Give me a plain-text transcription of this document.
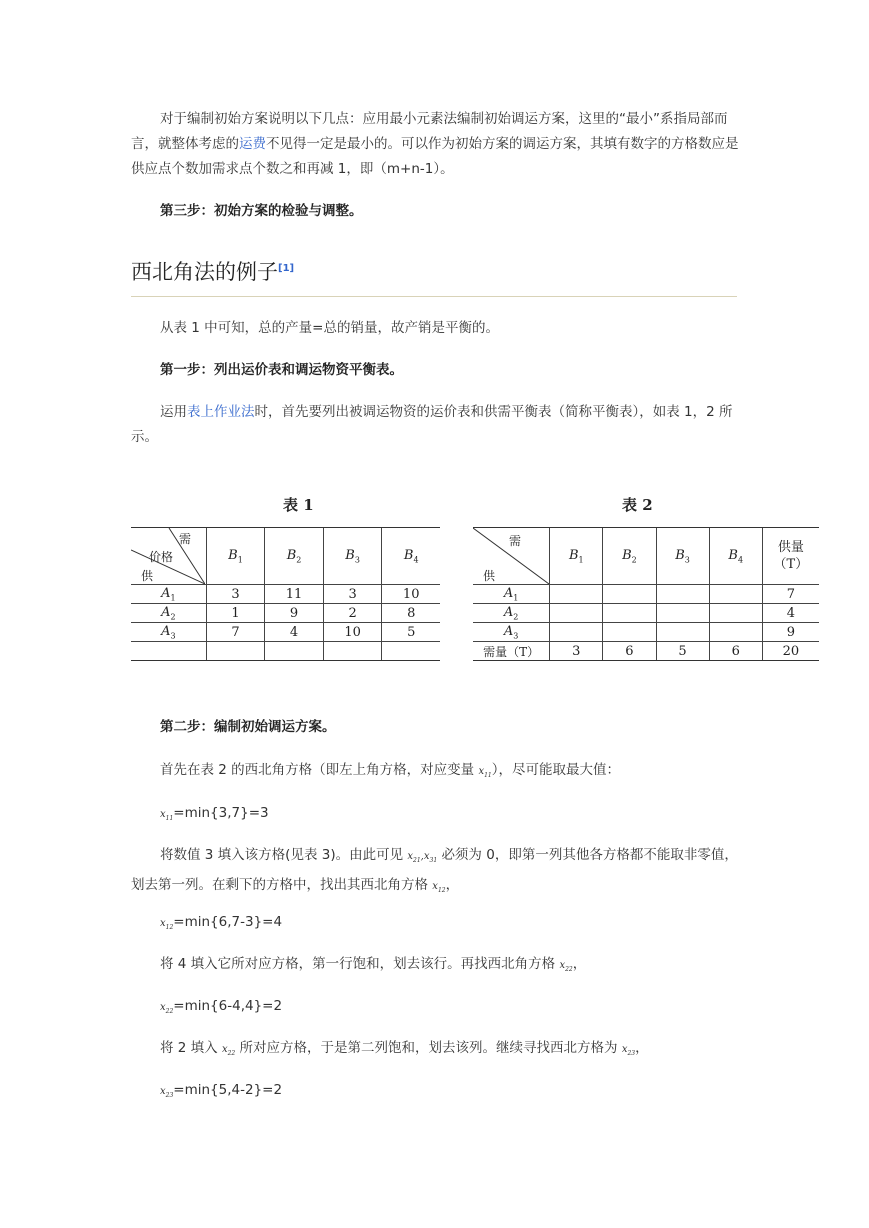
对于编制初始方案说明以下几点：应用最小元素法编制初始调运方案，这里的“最小”系指局部而言，就整体考虑的运费不见得一定是最小的。可以作为初始方案的调运方案，其填有数字的方格数应是供应点个数加需求点个数之和再减 1，即（m+n-1）。

第三步：初始方案的检验与调整。

西北角法的例子[1]

从表 1 中可知，总的产量=总的销量，故产销是平衡的。

第一步：列出运价表和调运物资平衡表。

运用表上作业法时，首先要列出被调运物资的运价表和供需平衡表（简称平衡表），如表 1，2 所示。

表 1
需
价格
供	$B_1$	$B_2$	$B_3$	$B_4$
$A_1$	3	11	3	10
$A_2$	1	9	2	8
$A_3$	7	4	10	5

表 2
需
供	$B_1$	$B_2$	$B_3$	$B_4$	供量
（T）
$A_1$					7
$A_2$					4
$A_3$					9
需量（T）	3	6	5	6	20

第二步：编制初始调运方案。

首先在表 2 的西北角方格（即左上角方格，对应变量 $x_{11}$），尽可能取最大值：

$x_{11}=\min\{3,7\}=3$

将数值 3 填入该方格(见表 3)。由此可见 $x_{21},x_{31}$ 必须为 0，即第一列其他各方格都不能取非零值，划去第一列。在剩下的方格中，找出其西北角方格 $x_{12}$，

$x_{12}=\min\{6,7-3\}=4$

将 4 填入它所对应方格，第一行饱和，划去该行。再找西北角方格 $x_{22}$，

$x_{22}=\min\{6-4,4\}=2$

将 2 填入 $x_{22}$ 所对应方格，于是第二列饱和，划去该列。继续寻找西北方格为 $x_{23}$，

$x_{23}=\min\{5,4-2\}=2$
